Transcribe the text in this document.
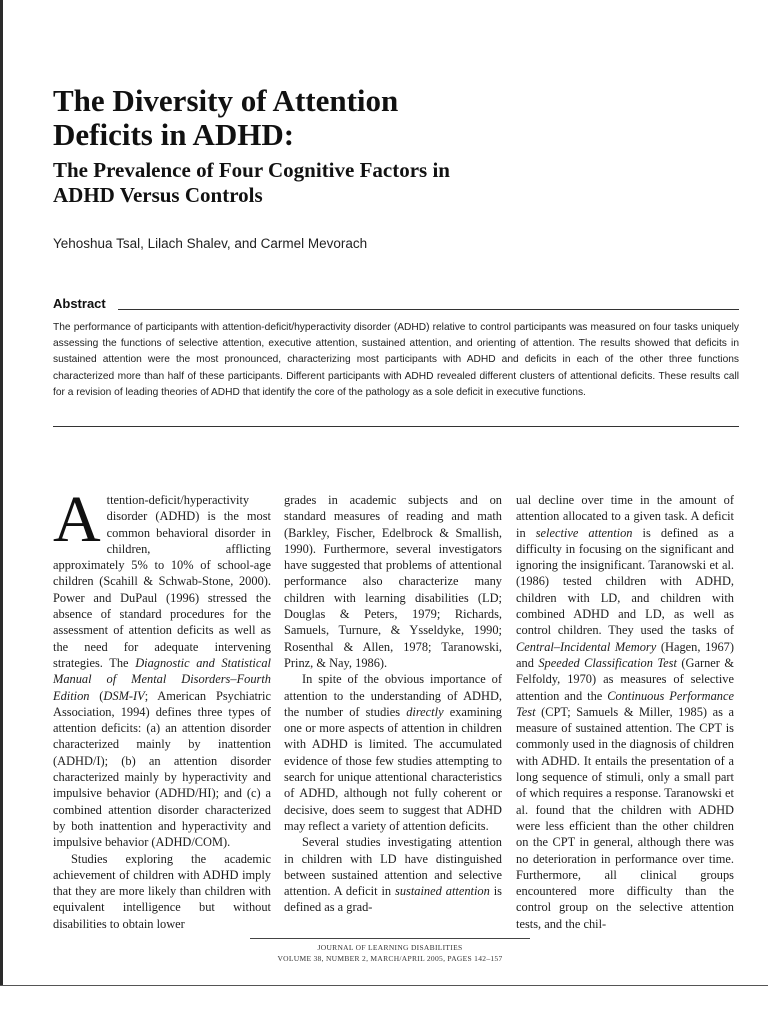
The Diversity of Attention
Deficits in ADHD:
The Prevalence of Four Cognitive Factors in
ADHD Versus Controls
Yehoshua Tsal, Lilach Shalev, and Carmel Mevorach
Abstract

The performance of participants with attention-deficit/hyperactivity disorder (ADHD) relative to control participants was measured on four tasks uniquely assessing the functions of selective attention, executive attention, sustained attention, and orienting of attention. The results showed that deficits in sustained attention were the most pronounced, characterizing most participants with ADHD and deficits in each of the other three functions characterized more than half of these participants. Different participants with ADHD revealed different clusters of attentional deficits. These results call for a revision of leading theories of ADHD that identify the core of the pathology as a sole deficit in executive functions.

Attention-deficit/hyperactivity disorder (ADHD) is the most common behavioral disorder in children, afflicting approximately 5% to 10% of school-age children (Scahill & Schwab-Stone, 2000). Power and DuPaul (1996) stressed the absence of standard procedures for the assessment of attention deficits as well as the need for adequate intervening strategies. The Diagnostic and Statistical Manual of Mental Disorders–Fourth Edition (DSM-IV; American Psychiatric Association, 1994) defines three types of attention deficits: (a) an attention disorder characterized mainly by inattention (ADHD/I); (b) an attention disorder characterized mainly by hyperactivity and impulsive behavior (ADHD/HI); and (c) a combined attention disorder characterized by both inattention and hyperactivity and impulsive behavior (ADHD/COM).

Studies exploring the academic achievement of children with ADHD imply that they are more likely than children with equivalent intelligence but without disabilities to obtain lower

grades in academic subjects and on standard measures of reading and math (Barkley, Fischer, Edelbrock & Smallish, 1990). Furthermore, several investigators have suggested that problems of attentional performance also characterize many children with learning disabilities (LD; Douglas & Peters, 1979; Richards, Samuels, Turnure, & Ysseldyke, 1990; Rosenthal & Allen, 1978; Taranowski, Prinz, & Nay, 1986).

In spite of the obvious importance of attention to the understanding of ADHD, the number of studies directly examining one or more aspects of attention in children with ADHD is limited. The accumulated evidence of those few studies attempting to search for unique attentional characteristics of ADHD, although not fully coherent or decisive, does seem to suggest that ADHD may reflect a variety of attention deficits.

Several studies investigating attention in children with LD have distinguished between sustained attention and selective attention. A deficit in sustained attention is defined as a grad-

ual decline over time in the amount of attention allocated to a given task. A deficit in selective attention is defined as a difficulty in focusing on the significant and ignoring the insignificant. Taranowski et al. (1986) tested children with ADHD, children with LD, and children with combined ADHD and LD, as well as control children. They used the tasks of Central–Incidental Memory (Hagen, 1967) and Speeded Classification Test (Garner & Felfoldy, 1970) as measures of selective attention and the Continuous Performance Test (CPT; Samuels & Miller, 1985) as a measure of sustained attention. The CPT is commonly used in the diagnosis of children with ADHD. It entails the presentation of a long sequence of stimuli, only a small part of which requires a response. Taranowski et al. found that the children with ADHD were less efficient than the other children on the CPT in general, although there was no deterioration in performance over time. Furthermore, all clinical groups encountered more difficulty than the control group on the selective attention tests, and the chil-

JOURNAL OF LEARNING DISABILITIES
VOLUME 38, NUMBER 2, MARCH/APRIL 2005, PAGES 142–157
